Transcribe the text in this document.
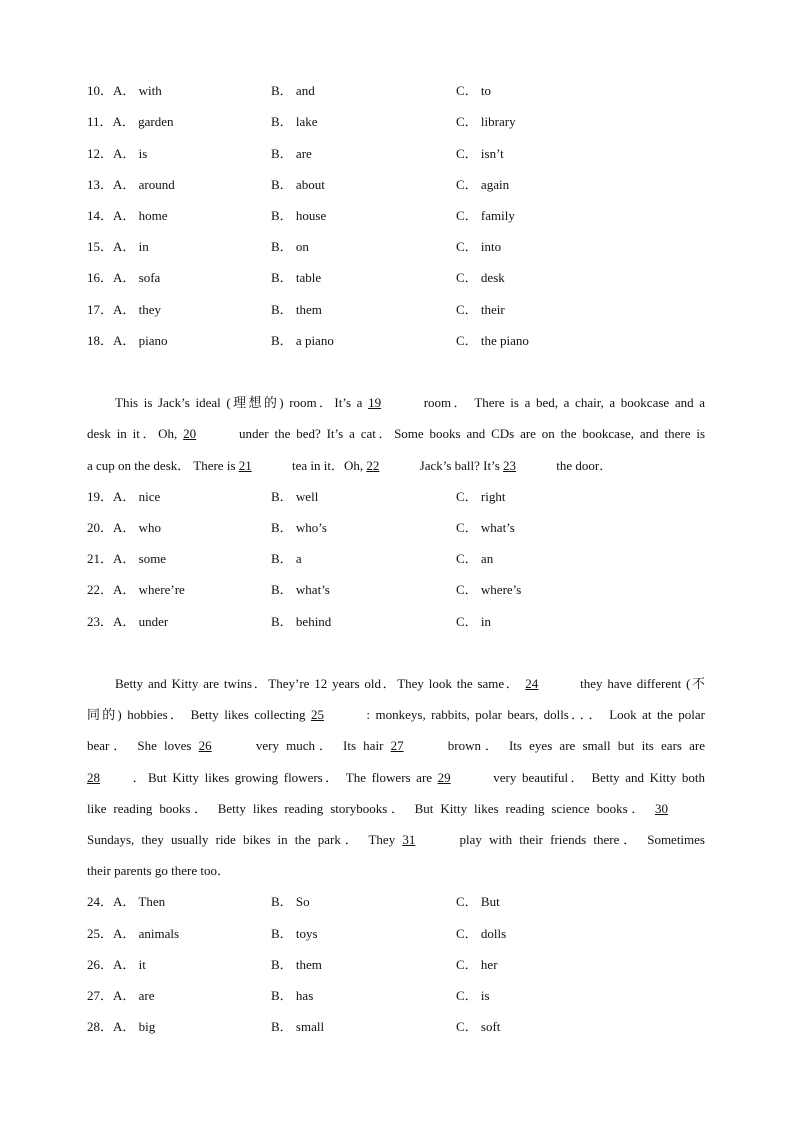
10．A． with	B． and	C． to
11．A． garden	B． lake	C． library
12．A． is	B． are	C． isn’t
13．A． around	B． about	C． again
14．A． home	B． house	C． family
15．A． in	B． on	C． into
16．A． sofa	B． table	C． desk
17．A． they	B． them	C． their
18．A． piano	B． a piano	C． the piano
This is Jack’s ideal (理想的) room．It’s a 19	room． There is a bed, a chair, a bookcase and a
desk in it．Oh, 20	under the bed? It’s a cat．Some books and CDs are on the bookcase, and there is
a cup on the desk． There is 21	tea in it．Oh, 22	Jack’s ball? It’s 23	the door．
19．A． nice	B． well	C． right
20．A． who	B． who’s	C． what’s
21．A． some	B． a	C． an
22．A． where’re	B． what’s	C． where’s
23．A． under	B． behind	C． in
Betty and Kitty are twins．They’re 12 years old．They look the same． 24	they have different (不
同的) hobbies． Betty likes collecting 25	: monkeys, rabbits, polar bears, dolls．．． Look at the polar
bear． She loves 26	very much． Its hair 27	brown． Its eyes are small but its ears are
28	．But Kitty likes growing flowers． The flowers are 29	very beautiful． Betty and Kitty both
like reading books． Betty likes reading storybooks． But Kitty likes reading science books． 30
Sundays, they usually ride bikes in the park． They 31	play with their friends there． Sometimes
their parents go there too．
24．A． Then	B． So	C． But
25．A． animals	B． toys	C． dolls
26．A． it	B． them	C． her
27．A． are	B． has	C． is
28．A． big	B． small	C． soft
